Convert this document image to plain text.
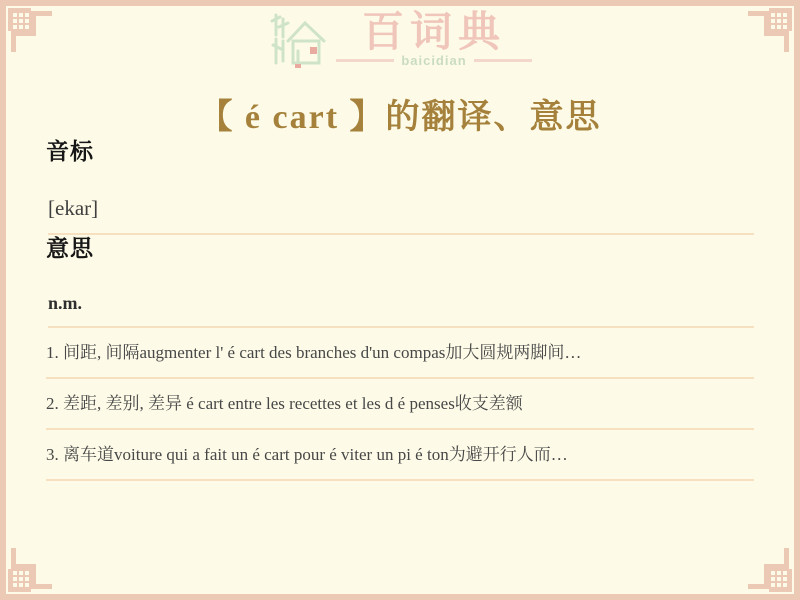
百词典
baicidian
【 é cart 】的翻译、意思
音标

[ekar]

意思

n.m.

1. 间距, 间隔augmenter l' é cart des branches d'un compas加大圆规两脚间…
2. 差距, 差别, 差异 é cart entre les recettes et les d é penses收支差额
3. 离车道voiture qui a fait un é cart pour é viter un pi é ton为避开行人而…
